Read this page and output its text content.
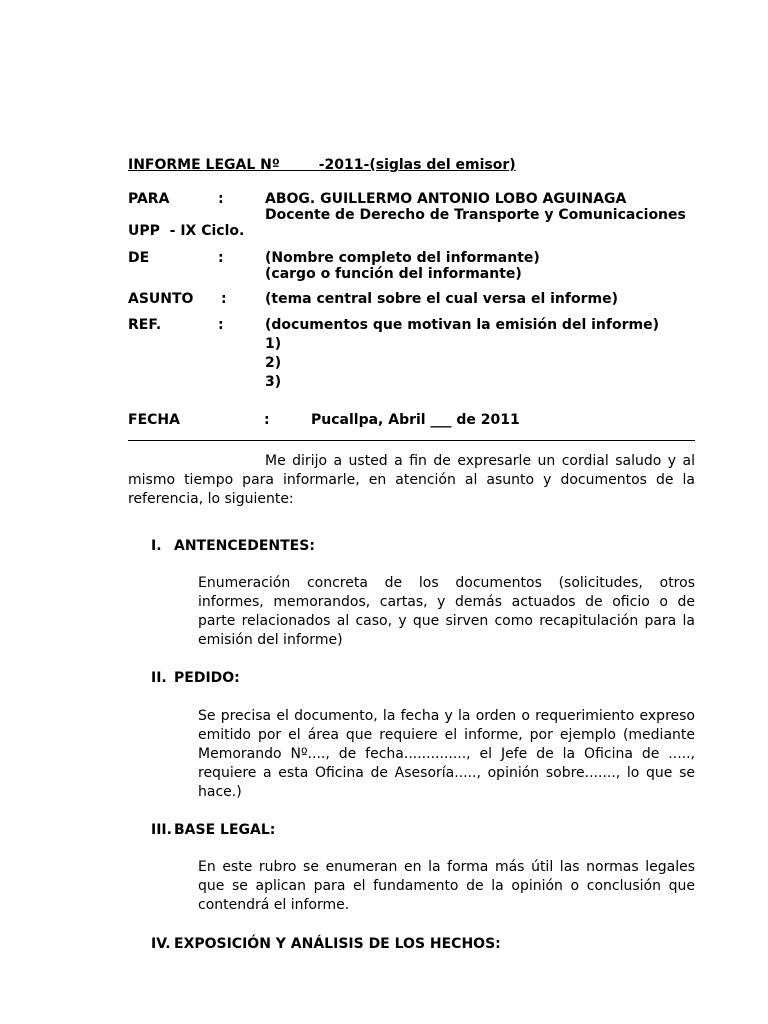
INFORME LEGAL Nº        -2011-(siglas del emisor)
PARA	:	ABOG. GUILLERMO ANTONIO LOBO AGUINAGA
Docente de Derecho de Transporte y Comunicaciones
UPP  - IX Ciclo.
DE	:	(Nombre completo del informante)
(cargo o función del informante)
ASUNTO :	(tema central sobre el cual versa el informe)
REF.	:	(documentos que motivan la emisión del informe)
1)
2)
3)
FECHA	:	Pucallpa, Abril ___ de 2011
Me dirijo a usted a fin de expresarle un cordial saludo y al
mismo tiempo para informarle, en atención al asunto y documentos de la
referencia, lo siguiente:
I. ANTENCEDENTES:
Enumeración concreta de los documentos (solicitudes, otros
informes, memorandos, cartas, y demás actuados de oficio o de
parte relacionados al caso, y que sirven como recapitulación para la
emisión del informe)
II. PEDIDO:
Se precisa el documento, la fecha y la orden o requerimiento expreso
emitido por el área que requiere el informe, por ejemplo (mediante
Memorando Nº...., de fecha.............., el Jefe de la Oficina de .....,
requiere a esta Oficina de Asesoría....., opinión sobre......., lo que se
hace.)
III. BASE LEGAL:
En este rubro se enumeran en la forma más útil las normas legales
que se aplican para el fundamento de la opinión o conclusión que
contendrá el informe.
IV. EXPOSICIÓN Y ANÁLISIS DE LOS HECHOS:
